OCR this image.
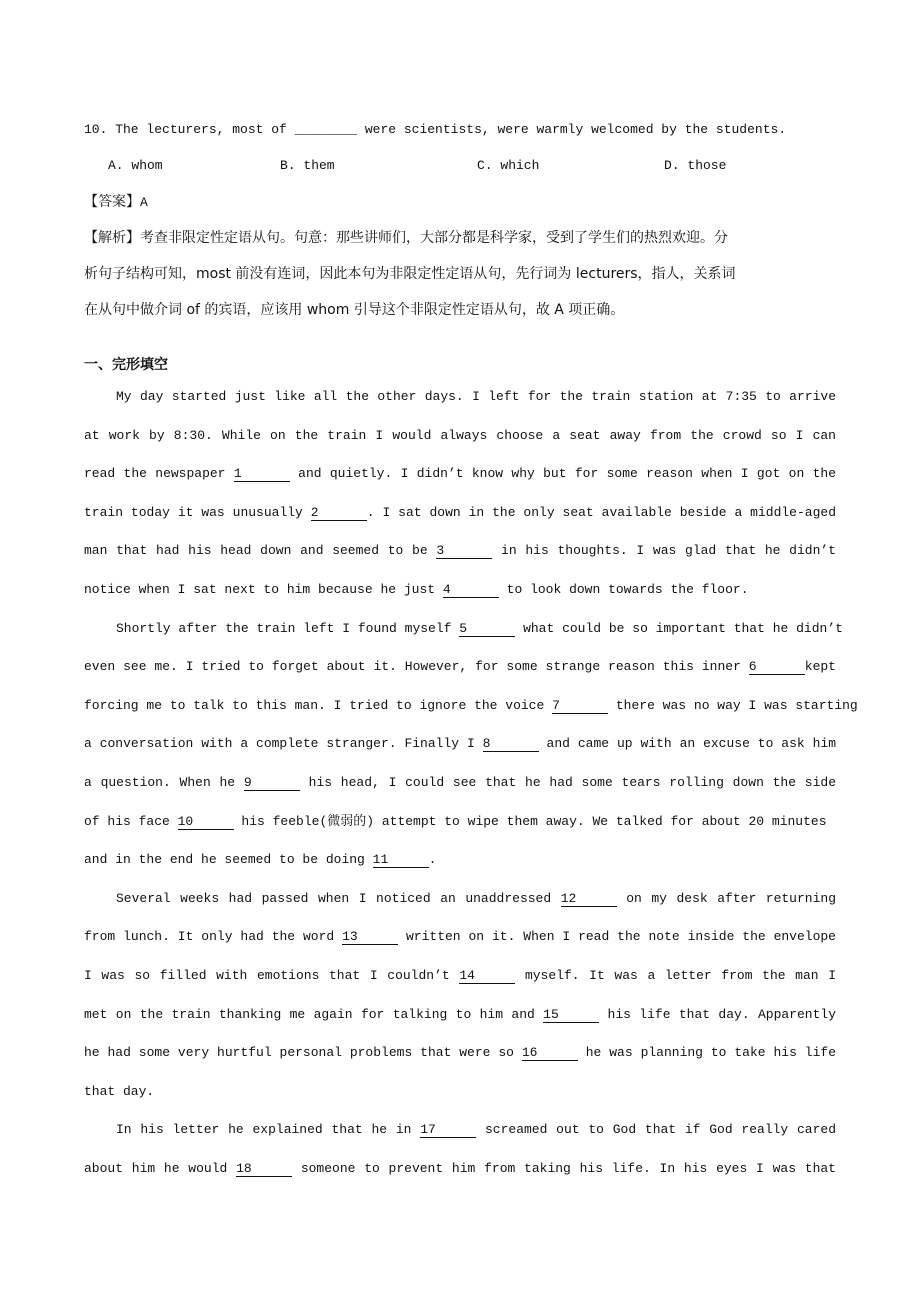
10. The lecturers, most of ________ were scientists, were warmly welcomed by the students.
A. whom	B. them	C. which	D. those
【答案】A
【解析】考查非限定性定语从句。句意：那些讲师们，大部分都是科学家，受到了学生们的热烈欢迎。分
析句子结构可知，most 前没有连词，因此本句为非限定性定语从句，先行词为 lecturers，指人，关系词
在从句中做介词 of 的宾语，应该用 whom 引导这个非限定性定语从句，故 A 项正确。
一、完形填空
My day started just like all the other days. I left for the train station at 7:35 to arrive
at work by 8:30. While on the train I would always choose a seat away from the crowd so I can
read the newspaper 1	and quietly. I didn’t know why but for some reason when I got on the
train today it was unusually 2	. I sat down in the only seat available beside a middle-aged
man that had his head down and seemed to be 3	in his thoughts. I was glad that he didn’t
notice when I sat next to him because he just 4	to look down towards the floor.
Shortly after the train left I found myself 5	what could be so important that he didn’t
even see me. I tried to forget about it. However, for some strange reason this inner 6	kept
forcing me to talk to this man. I tried to ignore the voice 7	there was no way I was starting
a conversation with a complete stranger. Finally I 8	and came up with an excuse to ask him
a question. When he 9	his head, I could see that he had some tears rolling down the side
of his face 10	his feeble(微弱的) attempt to wipe them away. We talked for about 20 minutes
and in the end he seemed to be doing 11	.
Several weeks had passed when I noticed an unaddressed 12	on my desk after returning
from lunch. It only had the word 13	written on it. When I read the note inside the envelope
I was so filled with emotions that I couldn’t 14	myself. It was a letter from the man I
met on the train thanking me again for talking to him and 15	his life that day. Apparently
he had some very hurtful personal problems that were so 16	he was planning to take his life
that day.
In his letter he explained that he in 17	screamed out to God that if God really cared
about him he would 18	someone to prevent him from taking his life. In his eyes I was that
